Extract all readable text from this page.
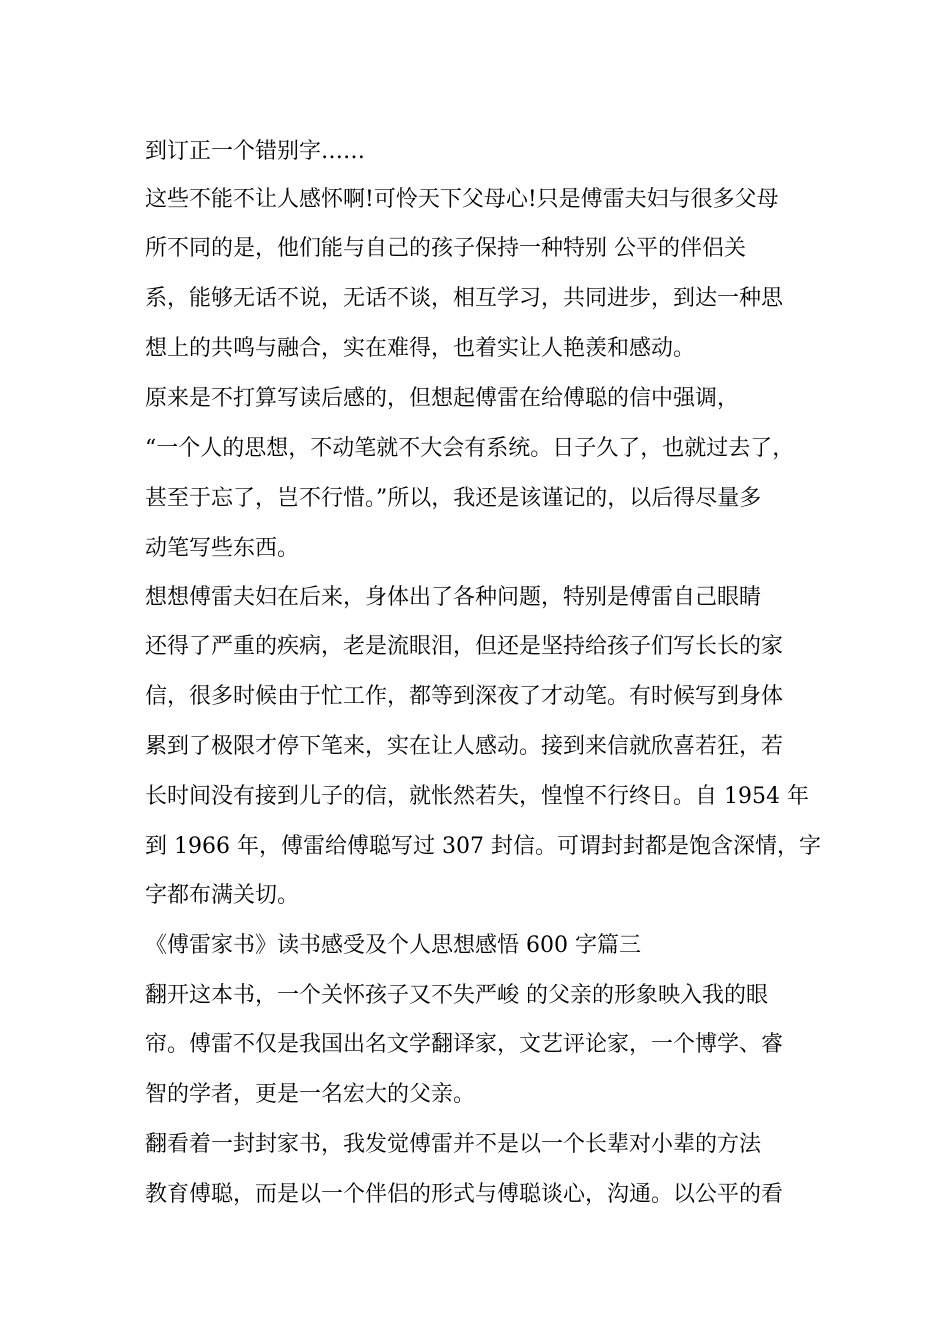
到订正一个错别字……
这些不能不让人感怀啊!可怜天下父母心!只是傅雷夫妇与很多父母
所不同的是，他们能与自己的孩子保持一种特别 公平的伴侣关
系，能够无话不说，无话不谈，相互学习，共同进步，到达一种思
想上的共鸣与融合，实在难得，也着实让人艳羡和感动。
原来是不打算写读后感的，但想起傅雷在给傅聪的信中强调，
“一个人的思想，不动笔就不大会有系统。日子久了，也就过去了，
甚至于忘了，岂不行惜。”所以，我还是该谨记的，以后得尽量多
动笔写些东西。
想想傅雷夫妇在后来，身体出了各种问题，特别是傅雷自己眼睛
还得了严重的疾病，老是流眼泪，但还是坚持给孩子们写长长的家
信，很多时候由于忙工作，都等到深夜了才动笔。有时候写到身体
累到了极限才停下笔来，实在让人感动。接到来信就欣喜若狂，若
长时间没有接到儿子的信，就怅然若失，惶惶不行终日。自 1954 年
到 1966 年，傅雷给傅聪写过 307 封信。可谓封封都是饱含深情，字
字都布满关切。
《傅雷家书》读书感受及个人思想感悟 600 字篇三
翻开这本书，一个关怀孩子又不失严峻 的父亲的形象映入我的眼
帘。傅雷不仅是我国出名文学翻译家，文艺评论家，一个博学、睿
智的学者，更是一名宏大的父亲。
翻看着一封封家书，我发觉傅雷并不是以一个长辈对小辈的方法
教育傅聪，而是以一个伴侣的形式与傅聪谈心，沟通。以公平的看
